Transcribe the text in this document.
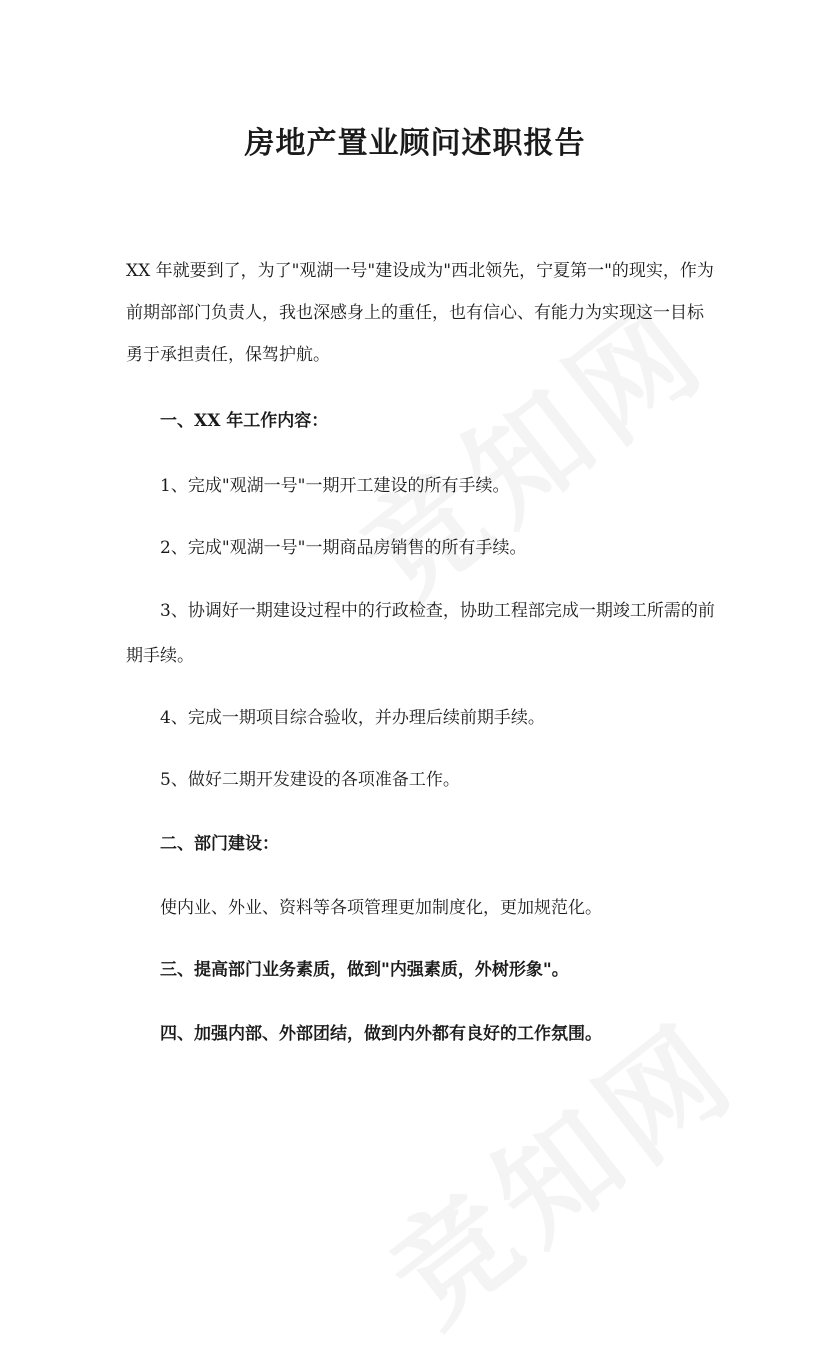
房地产置业顾问述职报告
XX 年就要到了，为了"观湖一号"建设成为"西北领先，宁夏第一"的现实，作为
前期部部门负责人，我也深感身上的重任，也有信心、有能力为实现这一目标
勇于承担责任，保驾护航。
一、XX 年工作内容：
1、完成"观湖一号"一期开工建设的所有手续。
2、完成"观湖一号"一期商品房销售的所有手续。
3、协调好一期建设过程中的行政检查，协助工程部完成一期竣工所需的前
期手续。
4、完成一期项目综合验收，并办理后续前期手续。
5、做好二期开发建设的各项准备工作。
二、部门建设：
使内业、外业、资料等各项管理更加制度化，更加规范化。
三、提高部门业务素质，做到"内强素质，外树形象"。
四、加强内部、外部团结，做到内外都有良好的工作氛围。
